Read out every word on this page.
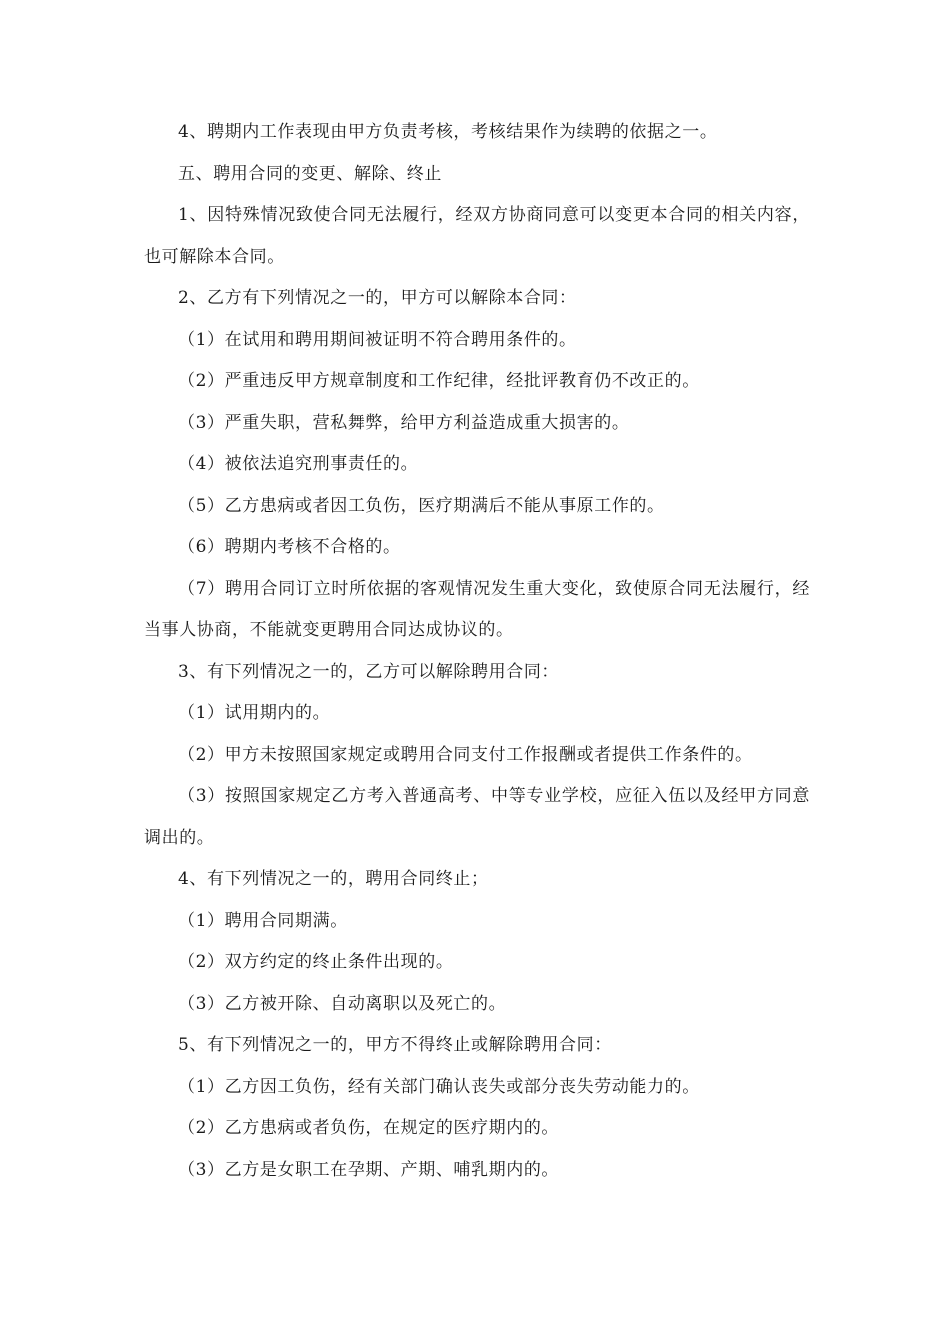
4、聘期内工作表现由甲方负责考核，考核结果作为续聘的依据之一。

五、聘用合同的变更、解除、终止

1、因特殊情况致使合同无法履行，经双方协商同意可以变更本合同的相关内容，也可解除本合同。

2、乙方有下列情况之一的，甲方可以解除本合同：

（1）在试用和聘用期间被证明不符合聘用条件的。

（2）严重违反甲方规章制度和工作纪律，经批评教育仍不改正的。

（3）严重失职，营私舞弊，给甲方利益造成重大损害的。

（4）被依法追究刑事责任的。

（5）乙方患病或者因工负伤，医疗期满后不能从事原工作的。

（6）聘期内考核不合格的。

（7）聘用合同订立时所依据的客观情况发生重大变化，致使原合同无法履行，经当事人协商，不能就变更聘用合同达成协议的。

3、有下列情况之一的，乙方可以解除聘用合同：

（1）试用期内的。

（2）甲方未按照国家规定或聘用合同支付工作报酬或者提供工作条件的。

（3）按照国家规定乙方考入普通高考、中等专业学校，应征入伍以及经甲方同意调出的。

4、有下列情况之一的，聘用合同终止；

（1）聘用合同期满。

（2）双方约定的终止条件出现的。

（3）乙方被开除、自动离职以及死亡的。

5、有下列情况之一的，甲方不得终止或解除聘用合同：

（1）乙方因工负伤，经有关部门确认丧失或部分丧失劳动能力的。

（2）乙方患病或者负伤，在规定的医疗期内的。

（3）乙方是女职工在孕期、产期、哺乳期内的。
